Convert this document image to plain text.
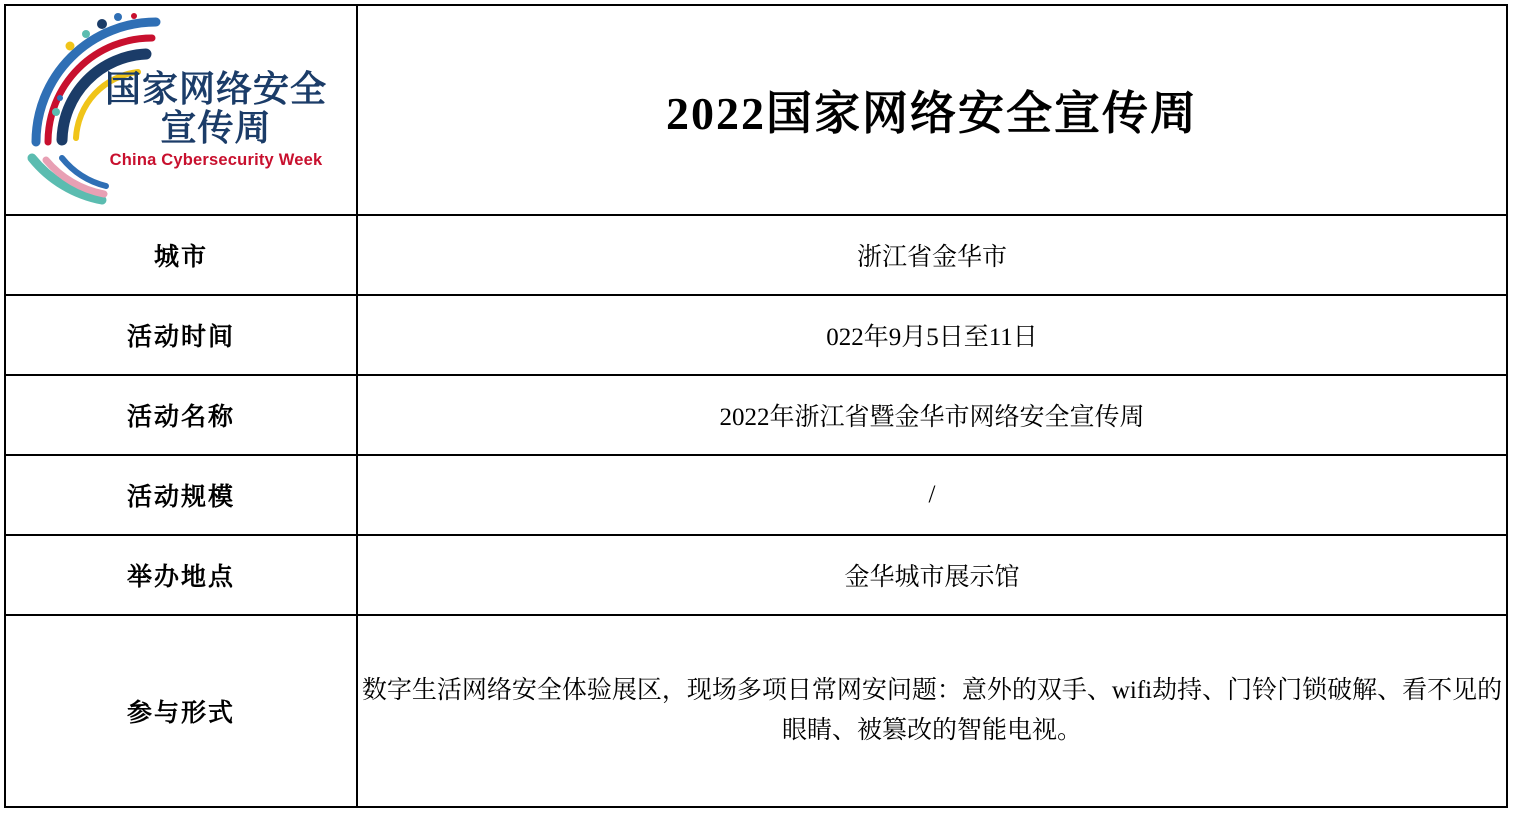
国家网络安全
宣传周
China Cybersecurity Week	2022国家网络安全宣传周

城市	浙江省金华市
活动时间	022年9月5日至11日
活动名称	2022年浙江省暨金华市网络安全宣传周
活动规模	/
举办地点	金华城市展示馆
参与形式	数字生活网络安全体验展区，现场多项日常网安问题：意外的双手、wifi劫持、门铃门锁破解、看不见的眼睛、被篡改的智能电视。
